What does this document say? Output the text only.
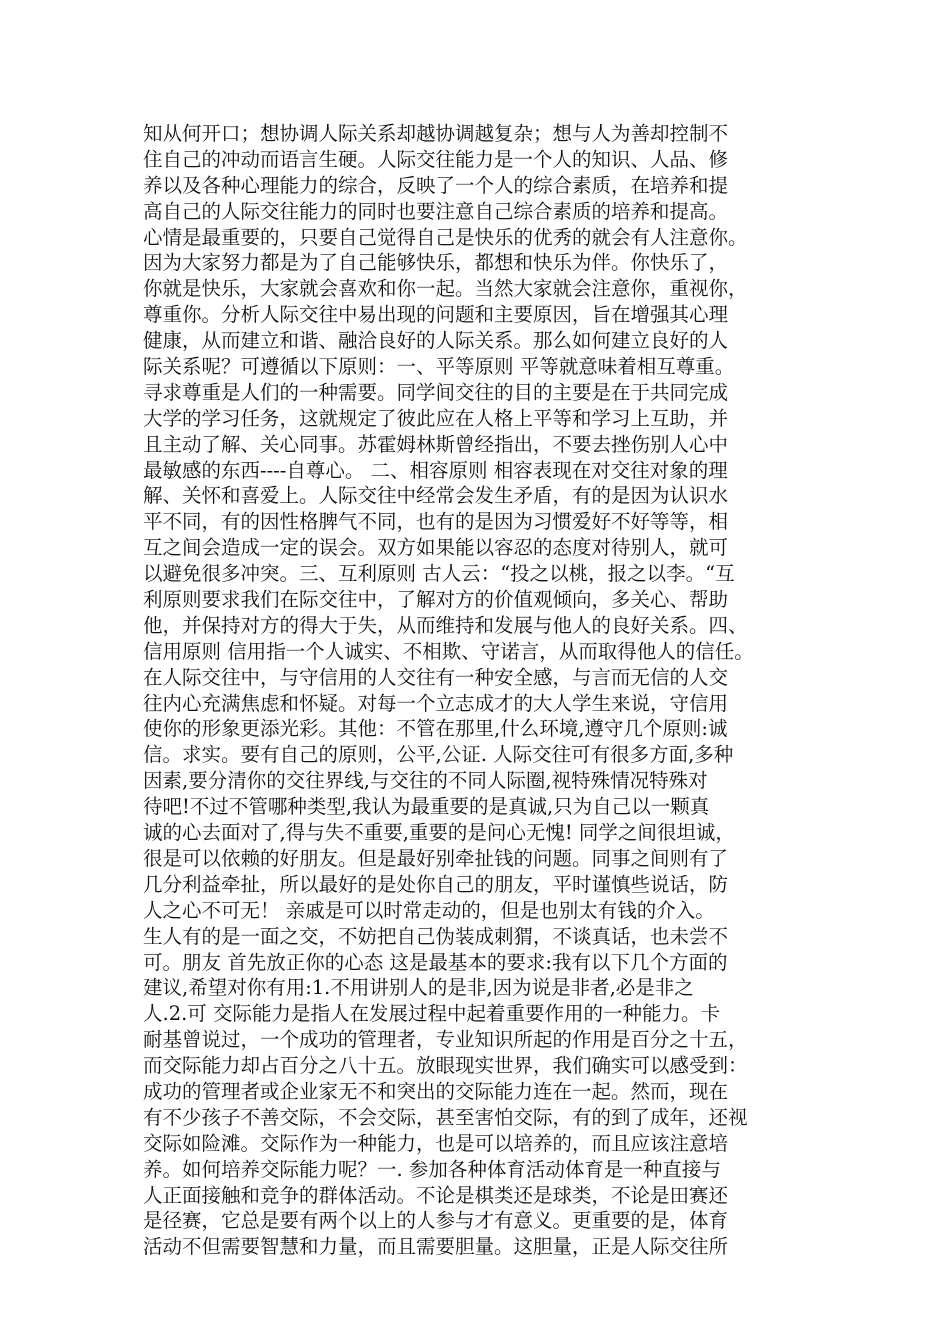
知从何开口；想协调人际关系却越协调越复杂；想与人为善却控制不
住自己的冲动而语言生硬。人际交往能力是一个人的知识、人品、修
养以及各种心理能力的综合，反映了一个人的综合素质，在培养和提
高自己的人际交往能力的同时也要注意自己综合素质的培养和提高。
心情是最重要的，只要自己觉得自己是快乐的优秀的就会有人注意你。
因为大家努力都是为了自己能够快乐，都想和快乐为伴。你快乐了，
你就是快乐，大家就会喜欢和你一起。当然大家就会注意你，重视你，
尊重你。分析人际交往中易出现的问题和主要原因，旨在增强其心理
健康，从而建立和谐、融洽良好的人际关系。那么如何建立良好的人
际关系呢？可遵循以下原则：一、平等原则 平等就意味着相互尊重。
寻求尊重是人们的一种需要。同学间交往的目的主要是在于共同完成
大学的学习任务，这就规定了彼此应在人格上平等和学习上互助，并
且主动了解、关心同事。苏霍姆林斯曾经指出，不要去挫伤别人心中
最敏感的东西----自尊心。 二、相容原则 相容表现在对交往对象的理
解、关怀和喜爱上。人际交往中经常会发生矛盾，有的是因为认识水
平不同，有的因性格脾气不同，也有的是因为习惯爱好不好等等，相
互之间会造成一定的误会。双方如果能以容忍的态度对待别人，就可
以避免很多冲突。三、互利原则 古人云：“投之以桃，报之以李。“互
利原则要求我们在际交往中，了解对方的价值观倾向，多关心、帮助
他，并保持对方的得大于失，从而维持和发展与他人的良好关系。四、
信用原则 信用指一个人诚实、不相欺、守诺言，从而取得他人的信任。
在人际交往中，与守信用的人交往有一种安全感，与言而无信的人交
往内心充满焦虑和怀疑。对每一个立志成才的大人学生来说，守信用
使你的形象更添光彩。其他：不管在那里,什么环境,遵守几个原则:诚
信。求实。要有自己的原则，公平,公证. 人际交往可有很多方面,多种
因素,要分清你的交往界线,与交往的不同人际圈,视特殊情况特殊对
待吧!不过不管哪种类型,我认为最重要的是真诚,只为自己以一颗真
诚的心去面对了,得与失不重要,重要的是问心无愧! 同学之间很坦诚，
很是可以依赖的好朋友。但是最好别牵扯钱的问题。同事之间则有了
几分利益牵扯，所以最好的是处你自己的朋友，平时谨慎些说话，防
人之心不可无！ 亲戚是可以时常走动的，但是也别太有钱的介入。
生人有的是一面之交，不妨把自己伪装成刺猬，不谈真话，也未尝不
可。朋友 首先放正你的心态 这是最基本的要求:我有以下几个方面的
建议,希望对你有用:1.不用讲别人的是非,因为说是非者,必是非之
人.2.可 交际能力是指人在发展过程中起着重要作用的一种能力。卡
耐基曾说过，一个成功的管理者，专业知识所起的作用是百分之十五，
而交际能力却占百分之八十五。放眼现实世界，我们确实可以感受到：
成功的管理者或企业家无不和突出的交际能力连在一起。然而，现在
有不少孩子不善交际，不会交际，甚至害怕交际，有的到了成年，还视
交际如险滩。交际作为一种能力，也是可以培养的，而且应该注意培
养。如何培养交际能力呢？一. 参加各种体育活动体育是一种直接与
人正面接触和竞争的群体活动。不论是棋类还是球类，不论是田赛还
是径赛，它总是要有两个以上的人参与才有意义。更重要的是，体育
活动不但需要智慧和力量，而且需要胆量。这胆量，正是人际交往所
